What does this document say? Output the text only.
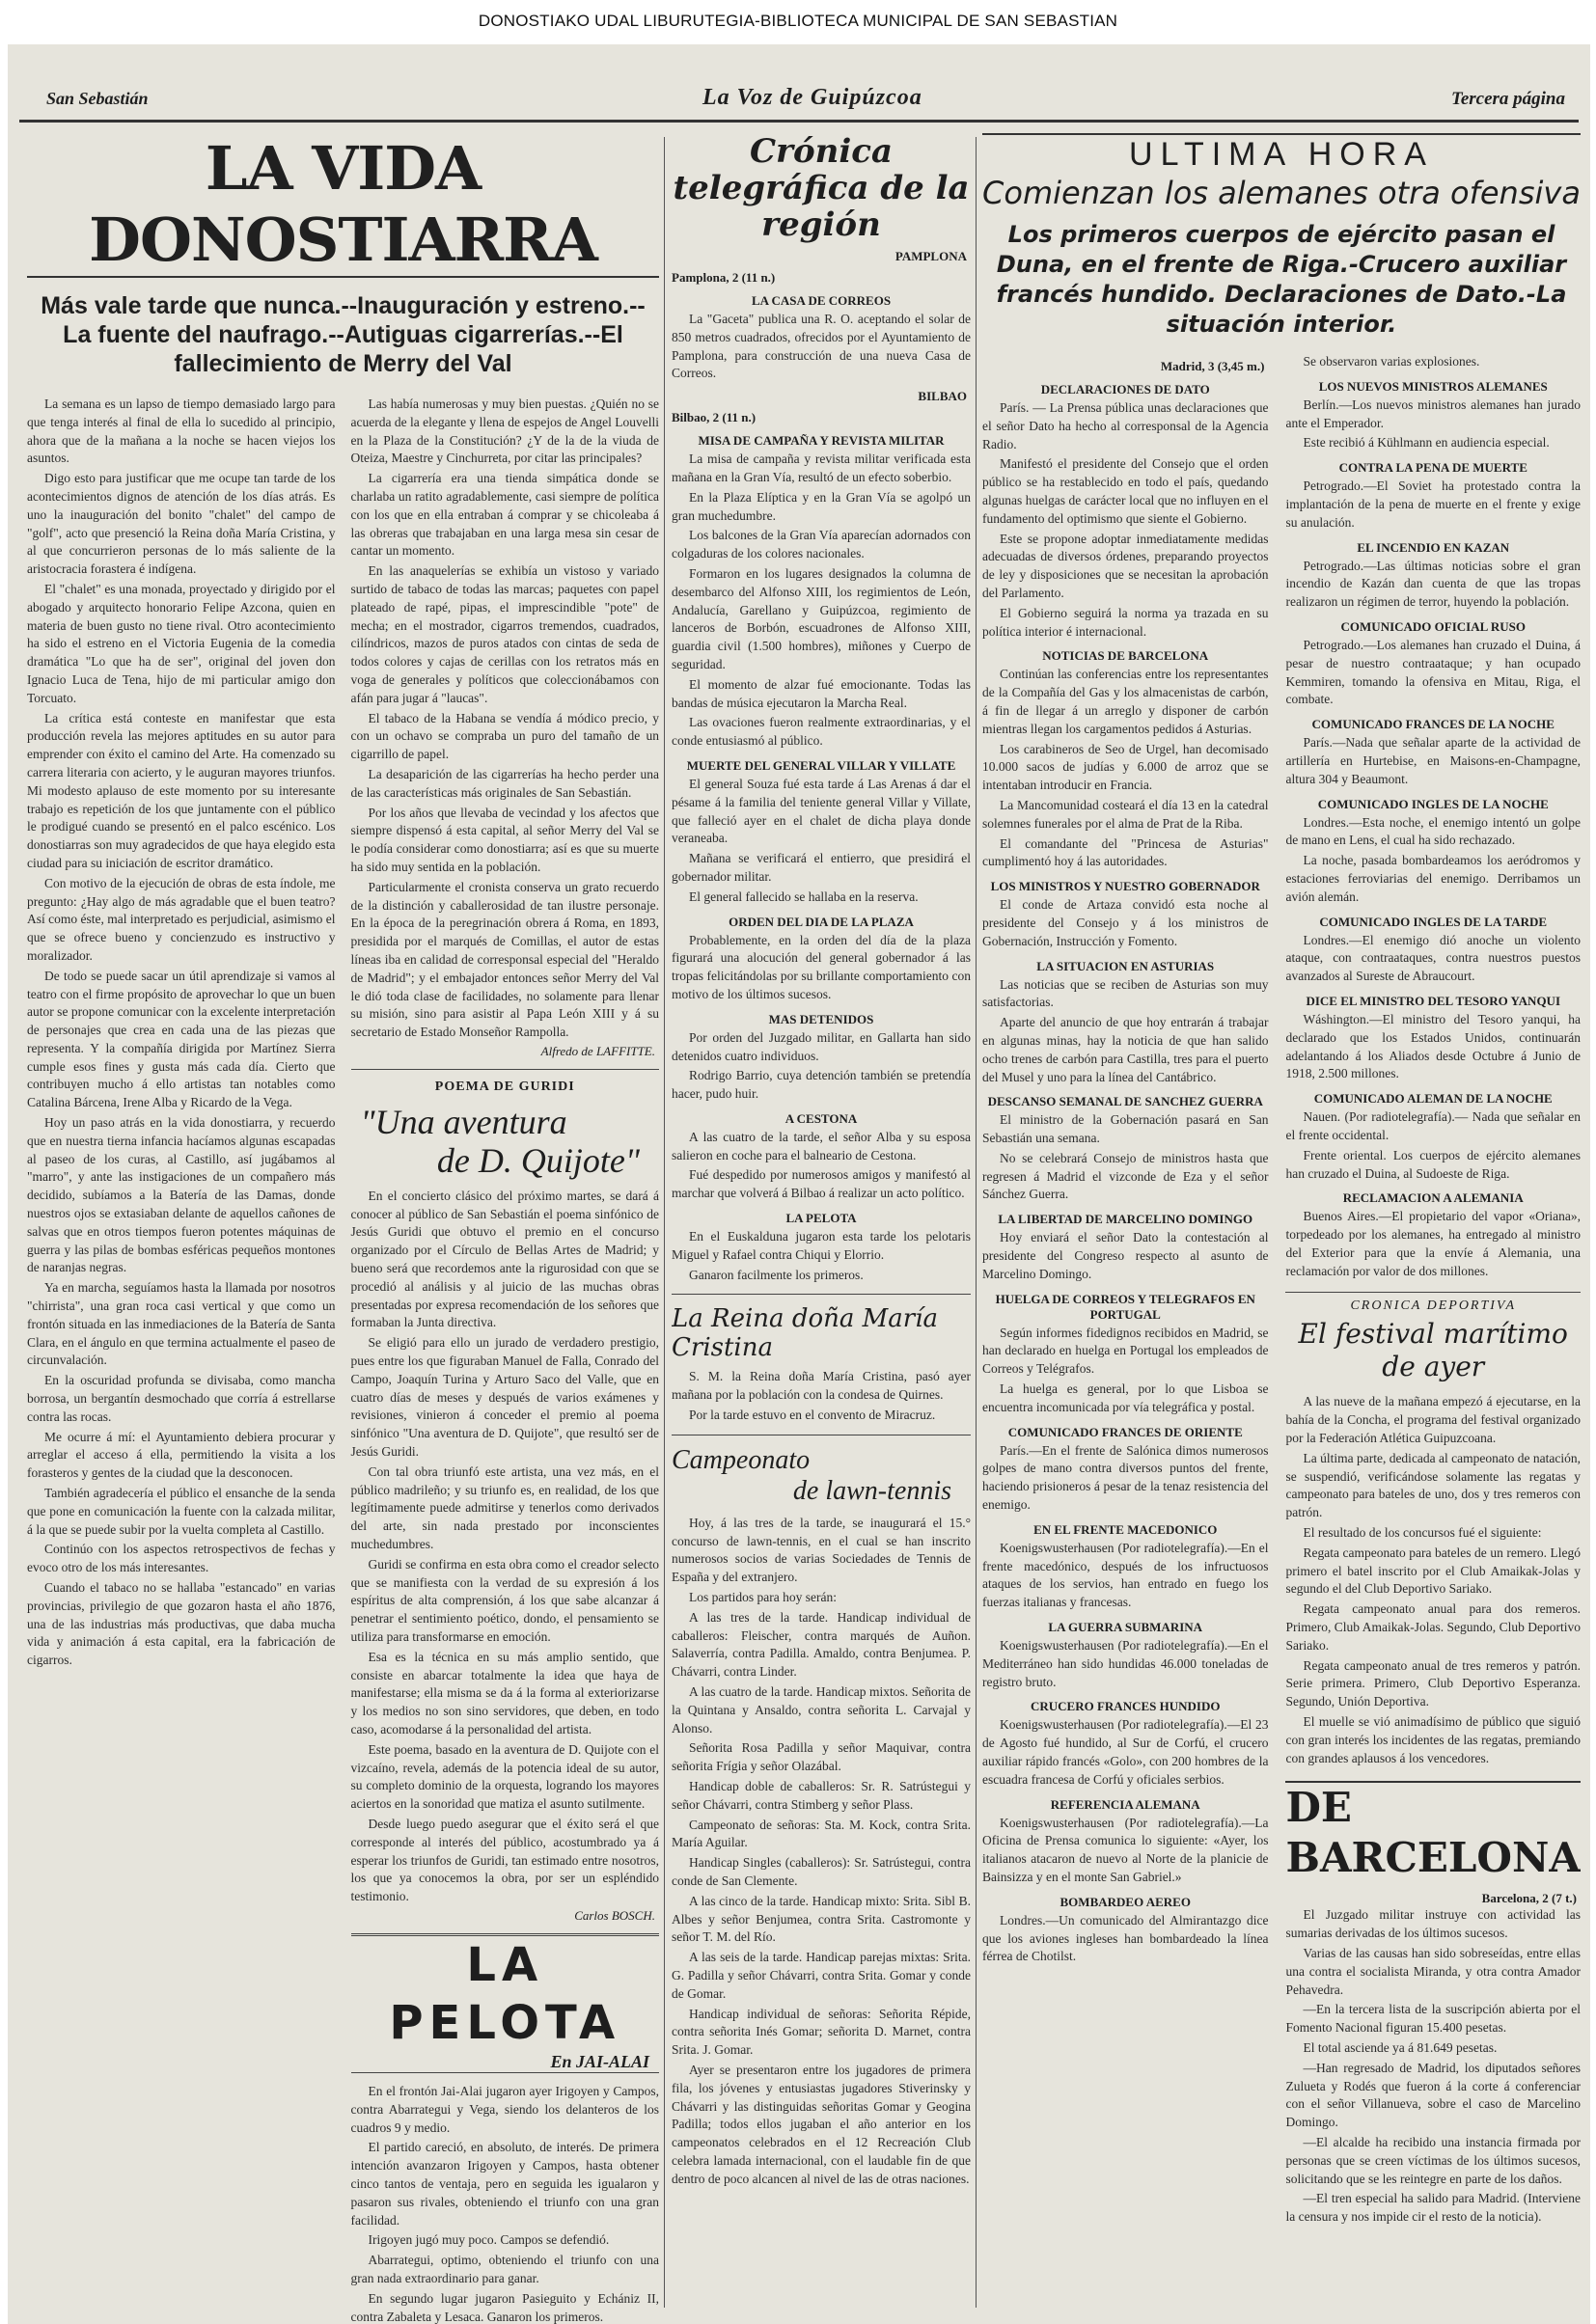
DONOSTIAKO UDAL LIBURUTEGIA-BIBLIOTECA MUNICIPAL DE SAN SEBASTIAN
San Sebastián	La Voz de Guipúzcoa	Tercera página
LA VIDA DONOSTIARRA
Más vale tarde que nunca.--Inauguración y estreno.--La fuente del naufrago.--Autiguas cigarrerías.--El fallecimiento de Merry del Val

La semana es un lapso de tiempo demasiado largo para que tenga interés al final de ella lo sucedido al principio, ahora que de la mañana a la noche se hacen viejos los asuntos.

Digo esto para justificar que me ocupe tan tarde de los acontecimientos dignos de atención de los días atrás. Es uno la inauguración del bonito "chalet" del campo de "golf", acto que presenció la Reina doña María Cristina, y al que concurrieron personas de lo más saliente de la aristocracia forastera é indígena.

El "chalet" es una monada, proyectado y dirigido por el abogado y arquitecto honorario Felipe Azcona, quien en materia de buen gusto no tiene rival. Otro acontecimiento ha sido el estreno en el Victoria Eugenia de la comedia dramática "Lo que ha de ser", original del joven don Ignacio Luca de Tena, hijo de mi particular amigo don Torcuato.

La crítica está conteste en manifestar que esta producción revela las mejores aptitudes en su autor para emprender con éxito el camino del Arte. Ha comenzado su carrera literaria con acierto, y le auguran mayores triunfos. Mi modesto aplauso de este momento por su interesante trabajo es repetición de los que juntamente con el público le prodigué cuando se presentó en el palco escénico. Los donostiarras son muy agradecidos de que haya elegido esta ciudad para su iniciación de escritor dramático.

Con motivo de la ejecución de obras de esta índole, me pregunto: ¿Hay algo de más agradable que el buen teatro? Así como éste, mal interpretado es perjudicial, asimismo el que se ofrece bueno y concienzudo es instructivo y moralizador.

De todo se puede sacar un útil aprendizaje si vamos al teatro con el firme propósito de aprovechar lo que un buen autor se propone comunicar con la excelente interpretación de personajes que crea en cada una de las piezas que representa. Y la compañía dirigida por Martínez Sierra cumple esos fines y gusta más cada día. Cierto que contribuyen mucho á ello artistas tan notables como Catalina Bárcena, Irene Alba y Ricardo de la Vega.

Hoy un paso atrás en la vida donostiarra, y recuerdo que en nuestra tierna infancia hacíamos algunas escapadas al paseo de los curas, al Castillo, así jugábamos al "marro", y ante las instigaciones de un compañero más decidido, subíamos a la Batería de las Damas, donde nuestros ojos se extasiaban delante de aquellos cañones de salvas que en otros tiempos fueron potentes máquinas de guerra y las pilas de bombas esféricas pequeños montones de naranjas negras.

Ya en marcha, seguíamos hasta la llamada por nosotros "chirrista", una gran roca casi vertical y que como un frontón situada en las inmediaciones de la Batería de Santa Clara, en el ángulo en que termina actualmente el paseo de circunvalación.

En la oscuridad profunda se divisaba, como mancha borrosa, un bergantín desmochado que corría á estrellarse contra las rocas.

Me ocurre á mí: el Ayuntamiento debiera procurar y arreglar el acceso á ella, permitiendo la visita a los forasteros y gentes de la ciudad que la desconocen.

También agradecería el público el ensanche de la senda que pone en comunicación la fuente con la calzada militar, á la que se puede subir por la vuelta completa al Castillo.

Continúo con los aspectos retrospectivos de fechas y evoco otro de los más interesantes.

Cuando el tabaco no se hallaba "estancado" en varias provincias, privilegio de que gozaron hasta el año 1876, una de las industrias más productivas, que daba mucha vida y animación á esta capital, era la fabricación de cigarros.

Las había numerosas y muy bien puestas. ¿Quién no se acuerda de la elegante y llena de espejos de Angel Louvelli en la Plaza de la Constitución? ¿Y de la de la viuda de Oteiza, Maestre y Cinchurreta, por citar las principales?

La cigarrería era una tienda simpática donde se charlaba un ratito agradablemente, casi siempre de política con los que en ella entraban á comprar y se chicoleaba á las obreras que trabajaban en una larga mesa sin cesar de cantar un momento.

En las anaquelerías se exhibía un vistoso y variado surtido de tabaco de todas las marcas; paquetes con papel plateado de rapé, pipas, el imprescindible "pote" de mecha; en el mostrador, cigarros tremendos, cuadrados, cilíndricos, mazos de puros atados con cintas de seda de todos colores y cajas de cerillas con los retratos más en voga de generales y políticos que coleccionábamos con afán para jugar á "laucas".

El tabaco de la Habana se vendía á módico precio, y con un ochavo se compraba un puro del tamaño de un cigarrillo de papel.

La desaparición de las cigarrerías ha hecho perder una de las características más originales de San Sebastián.

Por los años que llevaba de vecindad y los afectos que siempre dispensó á esta capital, al señor Merry del Val se le podía considerar como donostiarra; así es que su muerte ha sido muy sentida en la población.

Particularmente el cronista conserva un grato recuerdo de la distinción y caballerosidad de tan ilustre personaje. En la época de la peregrinación obrera á Roma, en 1893, presidida por el marqués de Comillas, el autor de estas líneas iba en calidad de corresponsal especial del "Heraldo de Madrid"; y el embajador entonces señor Merry del Val le dió toda clase de facilidades, no solamente para llenar su misión, sino para asistir al Papa León XIII y á su secretario de Estado Monseñor Rampolla.

Alfredo de LAFFITTE.
POEMA DE GURIDI
"Una aventura
de D. Quijote"

En el concierto clásico del próximo martes, se dará á conocer al público de San Sebastián el poema sinfónico de Jesús Guridi que obtuvo el premio en el concurso organizado por el Círculo de Bellas Artes de Madrid; y bueno será que recordemos ante la rigurosidad con que se procedió al análisis y al juicio de las muchas obras presentadas por expresa recomendación de los señores que formaban la Junta directiva.

Se eligió para ello un jurado de verdadero prestigio, pues entre los que figuraban Manuel de Falla, Conrado del Campo, Joaquín Turina y Arturo Saco del Valle, que en cuatro días de meses y después de varios exámenes y revisiones, vinieron á conceder el premio al poema sinfónico "Una aventura de D. Quijote", que resultó ser de Jesús Guridi.

Con tal obra triunfó este artista, una vez más, en el público madrileño; y su triunfo es, en realidad, de los que legítimamente puede admitirse y tenerlos como derivados del arte, sin nada prestado por inconscientes muchedumbres.

Guridi se confirma en esta obra como el creador selecto que se manifiesta con la verdad de su expresión á los espíritus de alta comprensión, á los que sabe alcanzar á penetrar el sentimiento poético, dondo, el pensamiento se utiliza para transformarse en emoción.

Esa es la técnica en su más amplio sentido, que consiste en abarcar totalmente la idea que haya de manifestarse; ella misma se da á la forma al exteriorizarse y los medios no son sino servidores, que deben, en todo caso, acomodarse á la personalidad del artista.

Este poema, basado en la aventura de D. Quijote con el vizcaíno, revela, además de la potencia ideal de su autor, su completo dominio de la orquesta, logrando los mayores aciertos en la sonoridad que matiza el asunto sutilmente.

Desde luego puedo asegurar que el éxito será el que corresponde al interés del público, acostumbrado ya á esperar los triunfos de Guridi, tan estimado entre nosotros, los que ya conocemos la obra, por ser un espléndido testimonio.

Carlos BOSCH.
LA PELOTA
En JAI-ALAI

En el frontón Jai-Alai jugaron ayer Irigoyen y Campos, contra Abarrategui y Vega, siendo los delanteros de los cuadros 9 y medio.

El partido careció, en absoluto, de interés. De primera intención avanzaron Irigoyen y Campos, hasta obtener cinco tantos de ventaja, pero en seguida les igualaron y pasaron sus rivales, obteniendo el triunfo con una gran facilidad.

Irigoyen jugó muy poco. Campos se defendió.

Abarrategui, optimo, obteniendo el triunfo con una gran nada extraordinario para ganar.

En segundo lugar jugaron Pasieguito y Echániz II, contra Zabaleta y Lesaca. Ganaron los primeros.

Crónica telegráfica de la región
PAMPLONA
Pamplona, 2 (11 n.)
LA CASA DE CORREOS

La "Gaceta" publica una R. O. aceptando el solar de 850 metros cuadrados, ofrecidos por el Ayuntamiento de Pamplona, para construcción de una nueva Casa de Correos.

BILBAO
Bilbao, 2 (11 n.)
MISA DE CAMPAÑA Y REVISTA MILITAR

La misa de campaña y revista militar verificada esta mañana en la Gran Vía, resultó de un efecto soberbio.

En la Plaza Elíptica y en la Gran Vía se agolpó un gran muchedumbre.

Los balcones de la Gran Vía aparecían adornados con colgaduras de los colores nacionales.

Formaron en los lugares designados la columna de desembarco del Alfonso XIII, los regimientos de León, Andalucía, Garellano y Guipúzcoa, regimiento de lanceros de Borbón, escuadrones de Alfonso XIII, guardia civil (1.500 hombres), miñones y Cuerpo de seguridad.

El momento de alzar fué emocionante. Todas las bandas de música ejecutaron la Marcha Real.

Las ovaciones fueron realmente extraordinarias, y el conde entusiasmó al público.

MUERTE DEL GENERAL VILLAR Y VILLATE

El general Souza fué esta tarde á Las Arenas á dar el pésame á la familia del teniente general Villar y Villate, que falleció ayer en el chalet de dicha playa donde veraneaba.

Mañana se verificará el entierro, que presidirá el gobernador militar.

El general fallecido se hallaba en la reserva.

ORDEN DEL DIA DE LA PLAZA

Probablemente, en la orden del día de la plaza figurará una alocución del general gobernador á las tropas felicitándolas por su brillante comportamiento con motivo de los últimos sucesos.

MAS DETENIDOS

Por orden del Juzgado militar, en Gallarta han sido detenidos cuatro individuos.

Rodrigo Barrio, cuya detención también se pretendía hacer, pudo huir.

A CESTONA

A las cuatro de la tarde, el señor Alba y su esposa salieron en coche para el balneario de Cestona.

Fué despedido por numerosos amigos y manifestó al marchar que volverá á Bilbao á realizar un acto político.

LA PELOTA

En el Euskalduna jugaron esta tarde los pelotaris Miguel y Rafael contra Chiqui y Elorrio.

Ganaron facilmente los primeros.

La Reina doña María Cristina

S. M. la Reina doña María Cristina, pasó ayer mañana por la población con la condesa de Quirnes.

Por la tarde estuvo en el convento de Miracruz.

Campeonato
de lawn-tennis

Hoy, á las tres de la tarde, se inaugurará el 15.° concurso de lawn-tennis, en el cual se han inscrito numerosos socios de varias Sociedades de Tennis de España y del extranjero.

Los partidos para hoy serán:

A las tres de la tarde. Handicap individual de caballeros: Fleischer, contra marqués de Auñon. Salaverría, contra Padilla. Amaldo, contra Benjumea. P. Chávarri, contra Linder.

A las cuatro de la tarde. Handicap mixtos. Señorita de la Quintana y Ansaldo, contra señorita L. Carvajal y Alonso.

Señorita Rosa Padilla y señor Maquivar, contra señorita Frígia y señor Olazábal.

Handicap doble de caballeros: Sr. R. Satrústegui y señor Chávarri, contra Stimberg y señor Plass.

Campeonato de señoras: Sta. M. Kock, contra Srita. María Aguilar.

Handicap Singles (caballeros): Sr. Satrústegui, contra conde de San Clemente.

A las cinco de la tarde. Handicap mixto: Srita. Sibl B. Albes y señor Benjumea, contra Srita. Castromonte y señor T. M. del Río.

A las seis de la tarde. Handicap parejas mixtas: Srita. G. Padilla y señor Chávarri, contra Srita. Gomar y conde de Gomar.

Handicap individual de señoras: Señorita Répide, contra señorita Inés Gomar; señorita D. Marnet, contra Srita. J. Gomar.

Ayer se presentaron entre los jugadores de primera fila, los jóvenes y entusiastas jugadores Stiverinsky y Chávarri y las distinguidas señoritas Gomar y Geogina Padilla; todos ellos jugaban el año anterior en los campeonatos celebrados en el 12 Recreación Club celebra lamada internacional, con el laudable fin de que dentro de poco alcancen al nivel de las de otras naciones.

ULTIMA HORA
Comienzan los alemanes otra ofensiva
Los primeros cuerpos de ejército pasan el Duna, en el frente de Riga.-Crucero auxiliar francés hundido. Declaraciones de Dato.-La situación interior.
Madrid, 3 (3,45 m.)
DECLARACIONES DE DATO

París. — La Prensa pública unas declaraciones que el señor Dato ha hecho al corresponsal de la Agencia Radio.

Manifestó el presidente del Consejo que el orden público se ha restablecido en todo el país, quedando algunas huelgas de carácter local que no influyen en el fundamento del optimismo que siente el Gobierno.

Este se propone adoptar inmediatamente medidas adecuadas de diversos órdenes, preparando proyectos de ley y disposiciones que se necesitan la aprobación del Parlamento.

El Gobierno seguirá la norma ya trazada en su política interior é internacional.

NOTICIAS DE BARCELONA

Continúan las conferencias entre los representantes de la Compañía del Gas y los almacenistas de carbón, á fin de llegar á un arreglo y disponer de carbón mientras llegan los cargamentos pedidos á Asturias.

Los carabineros de Seo de Urgel, han decomisado 10.000 sacos de judías y 6.000 de arroz que se intentaban introducir en Francia.

La Mancomunidad costeará el día 13 en la catedral solemnes funerales por el alma de Prat de la Riba.

El comandante del "Princesa de Asturias" cumplimentó hoy á las autoridades.

LOS MINISTROS Y NUESTRO GOBERNADOR

El conde de Artaza convidó esta noche al presidente del Consejo y á los ministros de Gobernación, Instrucción y Fomento.

LA SITUACION EN ASTURIAS

Las noticias que se reciben de Asturias son muy satisfactorias.

Aparte del anuncio de que hoy entrarán á trabajar en algunas minas, hay la noticia de que han salido ocho trenes de carbón para Castilla, tres para el puerto del Musel y uno para la línea del Cantábrico.

DESCANSO SEMANAL DE SANCHEZ GUERRA

El ministro de la Gobernación pasará en San Sebastián una semana.

No se celebrará Consejo de ministros hasta que regresen á Madrid el vizconde de Eza y el señor Sánchez Guerra.

LA LIBERTAD DE MARCELINO DOMINGO

Hoy enviará el señor Dato la contestación al presidente del Congreso respecto al asunto de Marcelino Domingo.

HUELGA DE CORREOS Y TELEGRAFOS EN PORTUGAL

Según informes fidedignos recibidos en Madrid, se han declarado en huelga en Portugal los empleados de Correos y Telégrafos.

La huelga es general, por lo que Lisboa se encuentra incomunicada por vía telegráfica y postal.

COMUNICADO FRANCES DE ORIENTE

París.—En el frente de Salónica dimos numerosos golpes de mano contra diversos puntos del frente, haciendo prisioneros á pesar de la tenaz resistencia del enemigo.

EN EL FRENTE MACEDONICO

Koenigswusterhausen (Por radiotelegrafía).—En el frente macedónico, después de los infructuosos ataques de los servios, han entrado en fuego los fuerzas italianas y francesas.

LA GUERRA SUBMARINA

Koenigswusterhausen (Por radiotelegrafía).—En el Mediterráneo han sido hundidas 46.000 toneladas de registro bruto.

CRUCERO FRANCES HUNDIDO

Koenigswusterhausen (Por radiotelegrafía).—El 23 de Agosto fué hundido, al Sur de Corfú, el crucero auxiliar rápido francés «Golo», con 200 hombres de la escuadra francesa de Corfú y oficiales serbios.

REFERENCIA ALEMANA

Koenigswusterhausen (Por radiotelegrafía).—La Oficina de Prensa comunica lo siguiente: «Ayer, los italianos atacaron de nuevo al Norte de la planicie de Bainsizza y en el monte San Gabriel.»

BOMBARDEO AEREO

Londres.—Un comunicado del Almirantazgo dice que los aviones ingleses han bombardeado la línea férrea de Chotilst.

Se observaron varias explosiones.

LOS NUEVOS MINISTROS ALEMANES

Berlín.—Los nuevos ministros alemanes han jurado ante el Emperador.

Este recibió á Kühlmann en audiencia especial.

CONTRA LA PENA DE MUERTE

Petrogrado.—El Soviet ha protestado contra la implantación de la pena de muerte en el frente y exige su anulación.

EL INCENDIO EN KAZAN

Petrogrado.—Las últimas noticias sobre el gran incendio de Kazán dan cuenta de que las tropas realizaron un régimen de terror, huyendo la población.

COMUNICADO OFICIAL RUSO

Petrogrado.—Los alemanes han cruzado el Duina, á pesar de nuestro contraataque; y han ocupado Kemmiren, tomando la ofensiva en Mitau, Riga, el combate.

COMUNICADO FRANCES DE LA NOCHE

París.—Nada que señalar aparte de la actividad de artillería en Hurtebise, en Maisons-en-Champagne, altura 304 y Beaumont.

COMUNICADO INGLES DE LA NOCHE

Londres.—Esta noche, el enemigo intentó un golpe de mano en Lens, el cual ha sido rechazado.

La noche, pasada bombardeamos los aeródromos y estaciones ferroviarias del enemigo. Derribamos un avión alemán.

COMUNICADO INGLES DE LA TARDE

Londres.—El enemigo dió anoche un violento ataque, con contraataques, contra nuestros puestos avanzados al Sureste de Abraucourt.

DICE EL MINISTRO DEL TESORO YANQUI

Wáshington.—El ministro del Tesoro yanqui, ha declarado que los Estados Unidos, continuarán adelantando á los Aliados desde Octubre á Junio de 1918, 2.500 millones.

COMUNICADO ALEMAN DE LA NOCHE

Nauen. (Por radiotelegrafía).— Nada que señalar en el frente occidental.

Frente oriental. Los cuerpos de ejército alemanes han cruzado el Duina, al Sudoeste de Riga.

RECLAMACION A ALEMANIA

Buenos Aires.—El propietario del vapor «Oriana», torpedeado por los alemanes, ha entregado al ministro del Exterior para que la envíe á Alemania, una reclamación por valor de dos millones.

CRONICA DEPORTIVA
El festival marítimo de ayer

A las nueve de la mañana empezó á ejecutarse, en la bahía de la Concha, el programa del festival organizado por la Federación Atlética Guipuzcoana.

La última parte, dedicada al campeonato de natación, se suspendió, verificándose solamente las regatas y campeonato para bateles de uno, dos y tres remeros con patrón.

El resultado de los concursos fué el siguiente:

Regata campeonato para bateles de un remero. Llegó primero el batel inscrito por el Club Amaikak-Jolas y segundo el del Club Deportivo Sariako.

Regata campeonato anual para dos remeros. Primero, Club Amaikak-Jolas. Segundo, Club Deportivo Sariako.

Regata campeonato anual de tres remeros y patrón. Serie primera. Primero, Club Deportivo Esperanza. Segundo, Unión Deportiva.

El muelle se vió animadísimo de público que siguió con gran interés los incidentes de las regatas, premiando con grandes aplausos á los vencedores.

DE BARCELONA
Barcelona, 2 (7 t.)

El Juzgado militar instruye con actividad las sumarias derivadas de los últimos sucesos.

Varias de las causas han sido sobreseídas, entre ellas una contra el socialista Miranda, y otra contra Amador Pehavedra.

—En la tercera lista de la suscripción abierta por el Fomento Nacional figuran 15.400 pesetas.

El total asciende ya á 81.649 pesetas.

—Han regresado de Madrid, los diputados señores Zulueta y Rodés que fueron á la corte á conferenciar con el señor Villanueva, sobre el caso de Marcelino Domingo.

—El alcalde ha recibido una instancia firmada por personas que se creen víctimas de los últimos sucesos, solicitando que se les reintegre en parte de los daños.

—El tren especial ha salido para Madrid. (Interviene la censura y nos impide cir el resto de la noticia).
